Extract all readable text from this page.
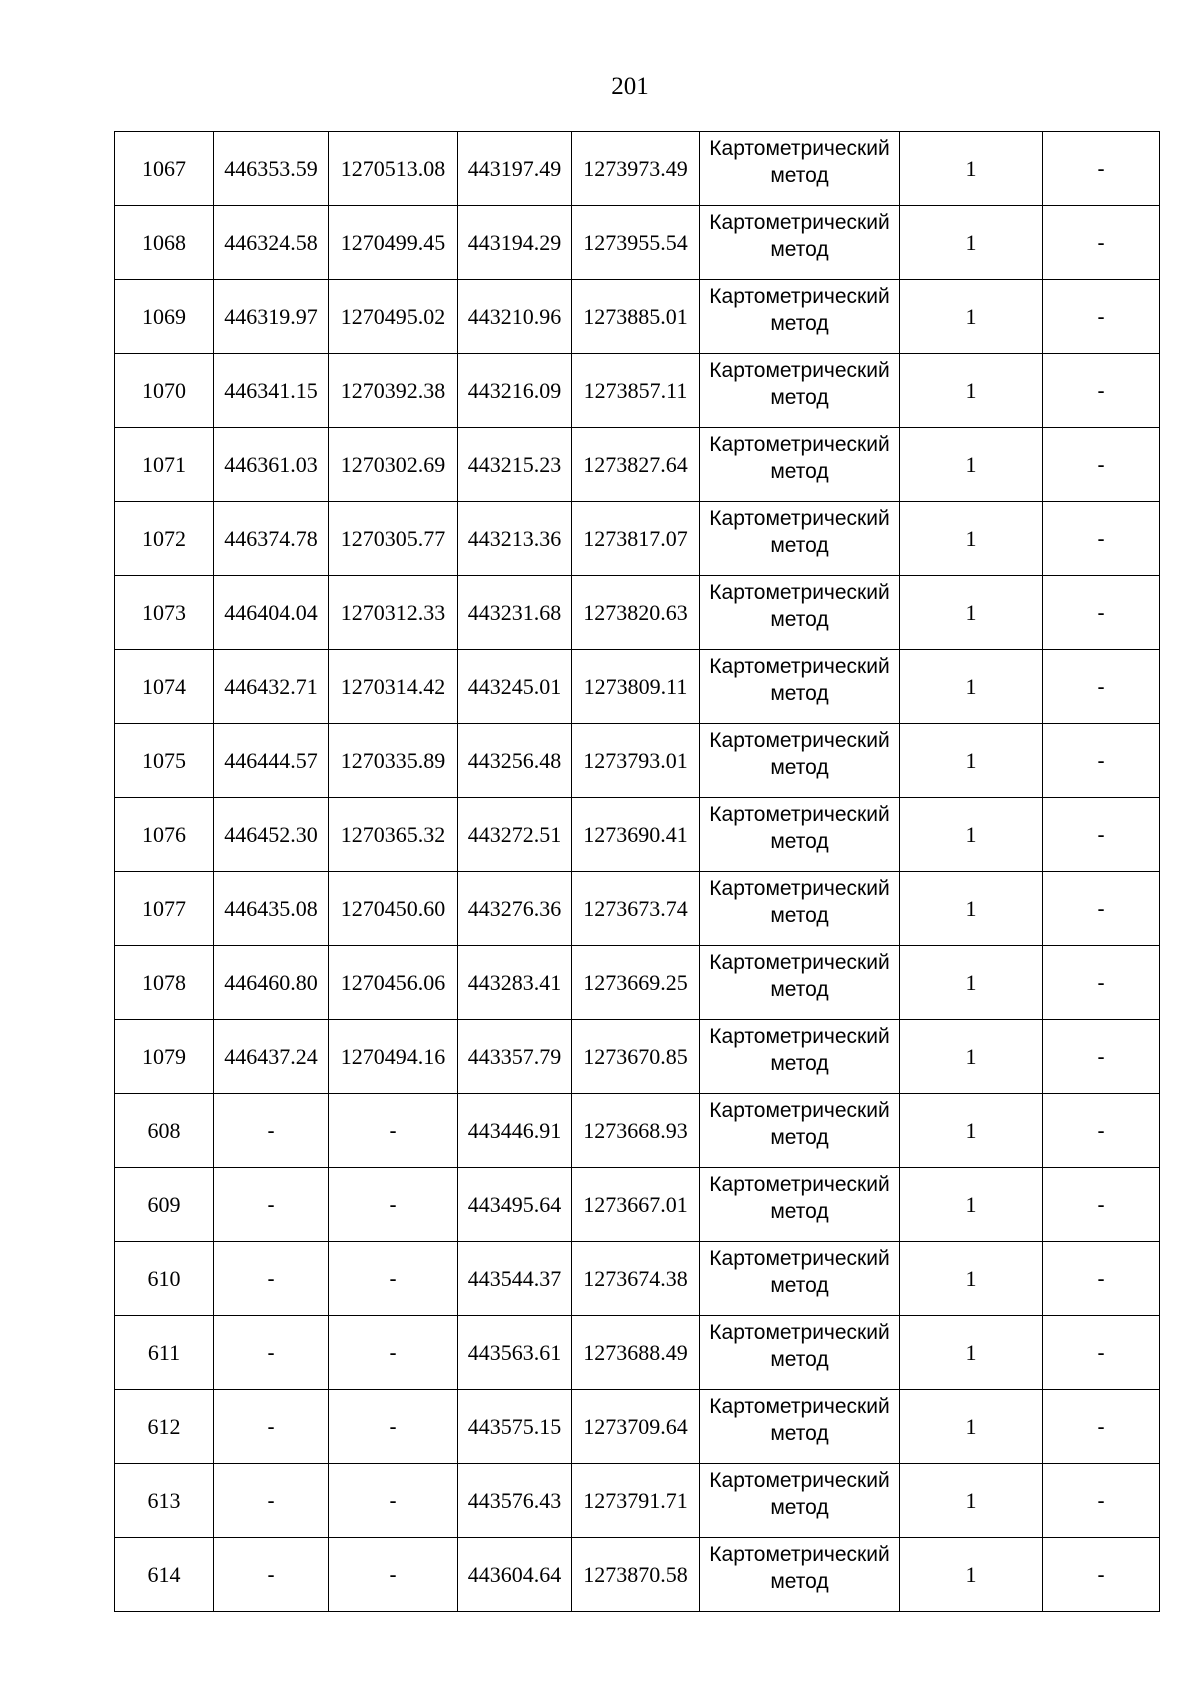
201
1067	446353.59	1270513.08	443197.49	1273973.49	Картометрический метод	1	-
1068	446324.58	1270499.45	443194.29	1273955.54	Картометрический метод	1	-
1069	446319.97	1270495.02	443210.96	1273885.01	Картометрический метод	1	-
1070	446341.15	1270392.38	443216.09	1273857.11	Картометрический метод	1	-
1071	446361.03	1270302.69	443215.23	1273827.64	Картометрический метод	1	-
1072	446374.78	1270305.77	443213.36	1273817.07	Картометрический метод	1	-
1073	446404.04	1270312.33	443231.68	1273820.63	Картометрический метод	1	-
1074	446432.71	1270314.42	443245.01	1273809.11	Картометрический метод	1	-
1075	446444.57	1270335.89	443256.48	1273793.01	Картометрический метод	1	-
1076	446452.30	1270365.32	443272.51	1273690.41	Картометрический метод	1	-
1077	446435.08	1270450.60	443276.36	1273673.74	Картометрический метод	1	-
1078	446460.80	1270456.06	443283.41	1273669.25	Картометрический метод	1	-
1079	446437.24	1270494.16	443357.79	1273670.85	Картометрический метод	1	-
608	-	-	443446.91	1273668.93	Картометрический метод	1	-
609	-	-	443495.64	1273667.01	Картометрический метод	1	-
610	-	-	443544.37	1273674.38	Картометрический метод	1	-
611	-	-	443563.61	1273688.49	Картометрический метод	1	-
612	-	-	443575.15	1273709.64	Картометрический метод	1	-
613	-	-	443576.43	1273791.71	Картометрический метод	1	-
614	-	-	443604.64	1273870.58	Картометрический метод	1	-
